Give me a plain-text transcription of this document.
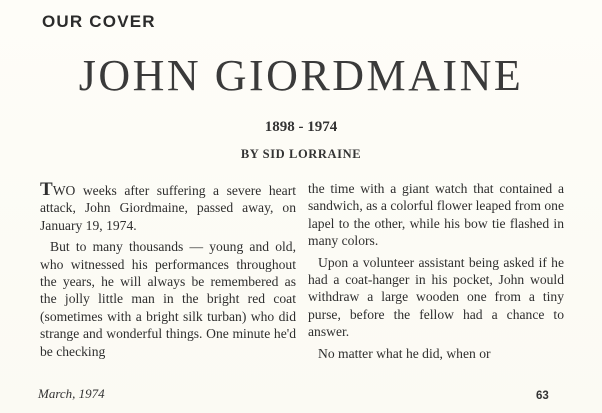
OUR COVER
JOHN GIORDMAINE

1898 - 1974

BY SID LORRAINE

TWO weeks after suffering a severe heart attack, John Giordmaine, passed away, on January 19, 1974.

But to many thousands — young and old, who witnessed his performances throughout the years, he will always be remembered as the jolly little man in the bright red coat (sometimes with a bright silk turban) who did strange and wonderful things. One minute he'd be checking

the time with a giant watch that contained a sandwich, as a colorful flower leaped from one lapel to the other, while his bow tie flashed in many colors.

Upon a volunteer assistant being asked if he had a coat-hanger in his pocket, John would withdraw a large wooden one from a tiny purse, before the fellow had a chance to answer.

No matter what he did, when or

March, 1974	63
